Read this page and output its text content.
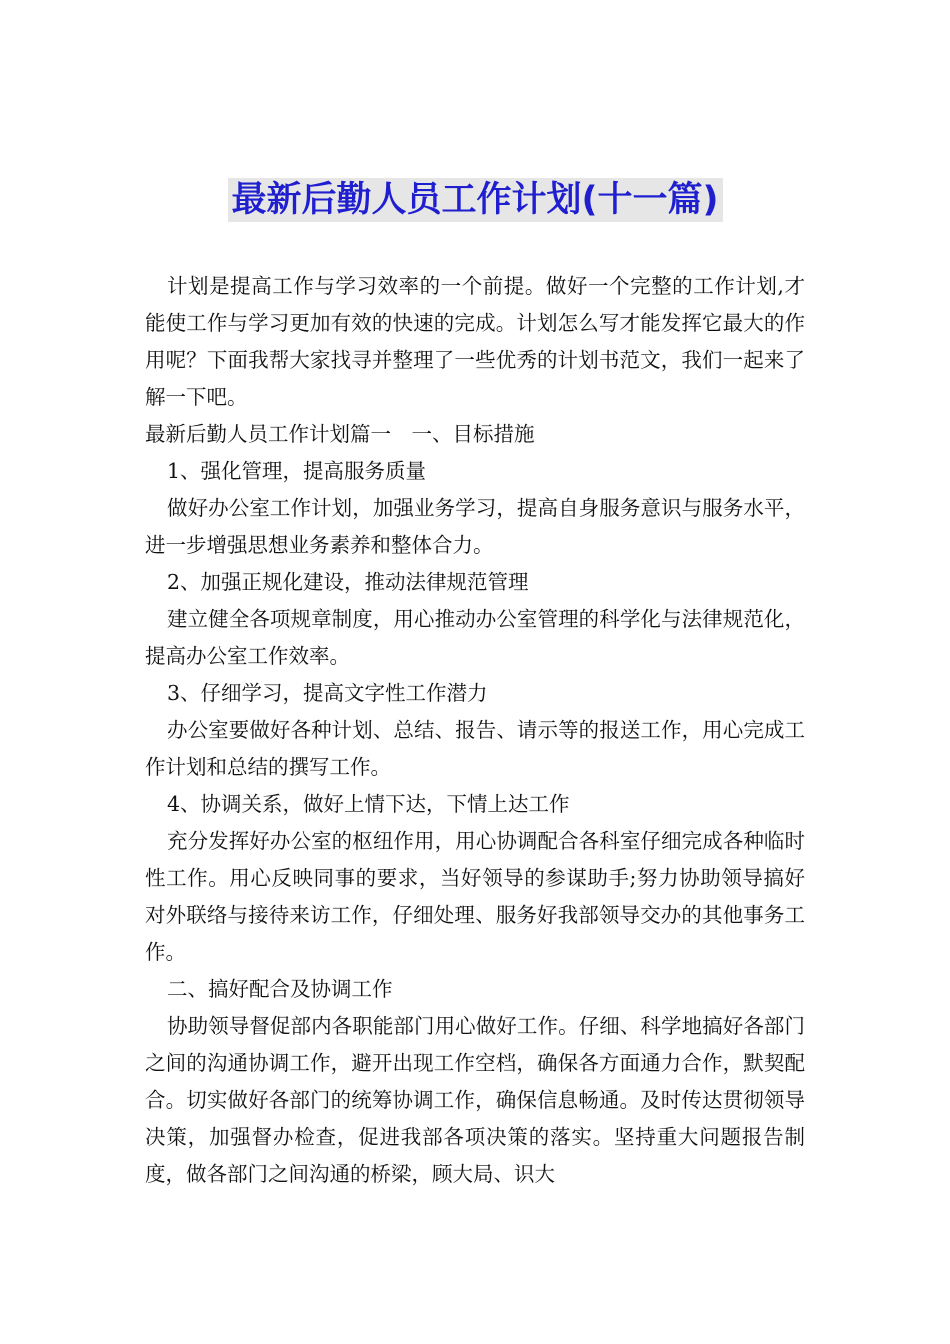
最新后勤人员工作计划(十一篇)

计划是提高工作与学习效率的一个前提。做好一个完整的工作计划,才能使工作与学习更加有效的快速的完成。计划怎么写才能发挥它最大的作用呢？下面我帮大家找寻并整理了一些优秀的计划书范文，我们一起来了解一下吧。

最新后勤人员工作计划篇一　一、目标措施

1、强化管理，提高服务质量

做好办公室工作计划，加强业务学习，提高自身服务意识与服务水平，进一步增强思想业务素养和整体合力。

2、加强正规化建设，推动法律规范管理

建立健全各项规章制度，用心推动办公室管理的科学化与法律规范化，提高办公室工作效率。

3、仔细学习，提高文字性工作潜力

办公室要做好各种计划、总结、报告、请示等的报送工作，用心完成工作计划和总结的撰写工作。

4、协调关系，做好上情下达，下情上达工作

充分发挥好办公室的枢纽作用，用心协调配合各科室仔细完成各种临时性工作。用心反映同事的要求，当好领导的参谋助手;努力协助领导搞好对外联络与接待来访工作，仔细处理、服务好我部领导交办的其他事务工作。

二、搞好配合及协调工作

协助领导督促部内各职能部门用心做好工作。仔细、科学地搞好各部门之间的沟通协调工作，避开出现工作空档，确保各方面通力合作，默契配合。切实做好各部门的统筹协调工作，确保信息畅通。及时传达贯彻领导决策，加强督办检查，促进我部各项决策的落实。坚持重大问题报告制度，做各部门之间沟通的桥梁，顾大局、识大
